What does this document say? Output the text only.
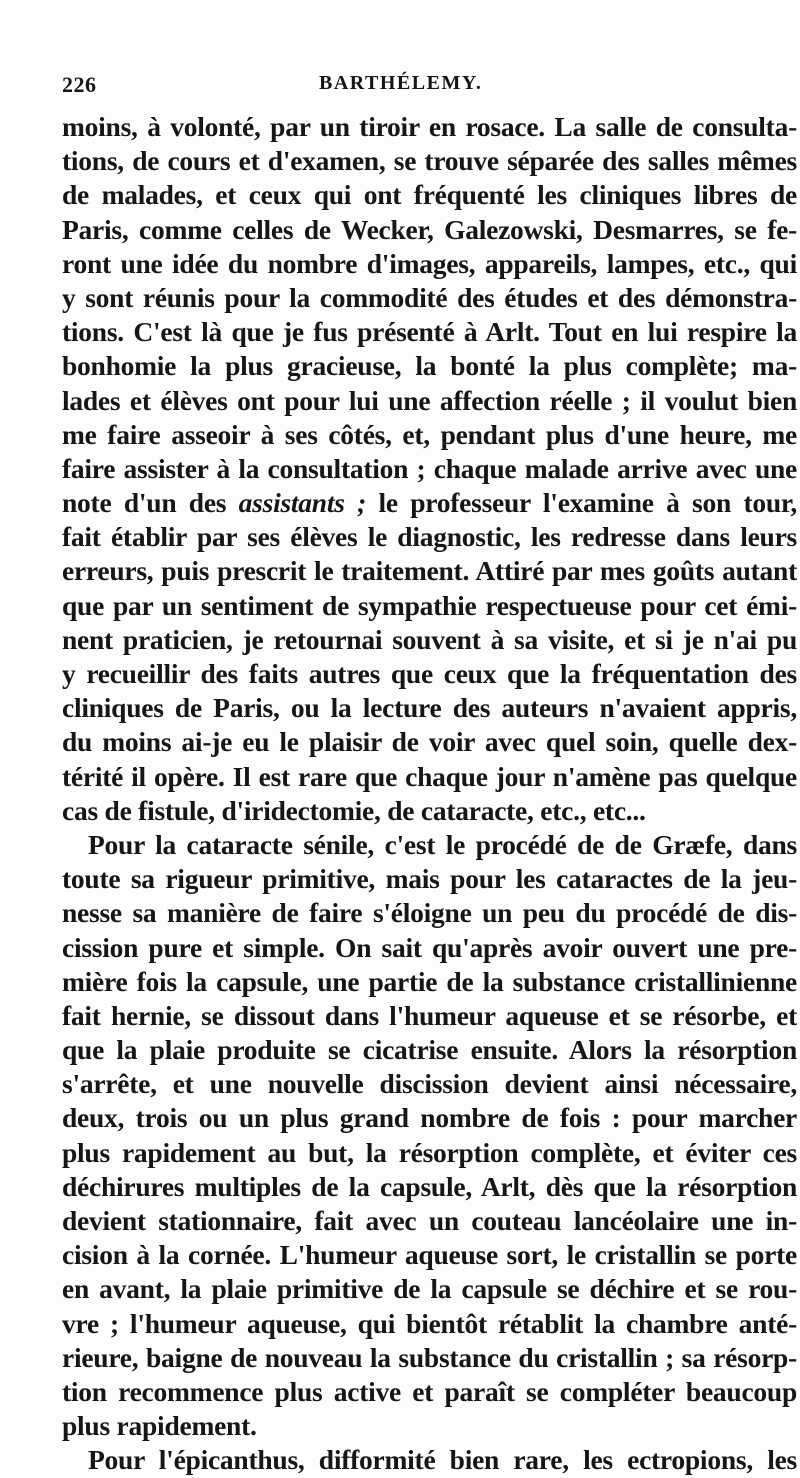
226	BARTHÉLEMY.
moins, à volonté, par un tiroir en rosace. La salle de consulta-
tions, de cours et d'examen, se trouve séparée des salles mêmes
de malades, et ceux qui ont fréquenté les cliniques libres de
Paris, comme celles de Wecker, Galezowski, Desmarres, se fe-
ront une idée du nombre d'images, appareils, lampes, etc., qui
y sont réunis pour la commodité des études et des démonstra-
tions. C'est là que je fus présenté à Arlt. Tout en lui respire la
bonhomie la plus gracieuse, la bonté la plus complète; ma-
lades et élèves ont pour lui une affection réelle ; il voulut bien
me faire asseoir à ses côtés, et, pendant plus d'une heure, me
faire assister à la consultation ; chaque malade arrive avec une
note d'un des assistants ; le professeur l'examine à son tour,
fait établir par ses élèves le diagnostic, les redresse dans leurs
erreurs, puis prescrit le traitement. Attiré par mes goûts autant
que par un sentiment de sympathie respectueuse pour cet émi-
nent praticien, je retournai souvent à sa visite, et si je n'ai pu
y recueillir des faits autres que ceux que la fréquentation des
cliniques de Paris, ou la lecture des auteurs n'avaient appris,
du moins ai-je eu le plaisir de voir avec quel soin, quelle dex-
térité il opère. Il est rare que chaque jour n'amène pas quelque
cas de fistule, d'iridectomie, de cataracte, etc., etc...
Pour la cataracte sénile, c'est le procédé de de Græfe, dans
toute sa rigueur primitive, mais pour les cataractes de la jeu-
nesse sa manière de faire s'éloigne un peu du procédé de dis-
cission pure et simple. On sait qu'après avoir ouvert une pre-
mière fois la capsule, une partie de la substance cristallinienne
fait hernie, se dissout dans l'humeur aqueuse et se résorbe, et
que la plaie produite se cicatrise ensuite. Alors la résorption
s'arrête, et une nouvelle discission devient ainsi nécessaire,
deux, trois ou un plus grand nombre de fois : pour marcher
plus rapidement au but, la résorption complète, et éviter ces
déchirures multiples de la capsule, Arlt, dès que la résorption
devient stationnaire, fait avec un couteau lancéolaire une in-
cision à la cornée. L'humeur aqueuse sort, le cristallin se porte
en avant, la plaie primitive de la capsule se déchire et se rou-
vre ; l'humeur aqueuse, qui bientôt rétablit la chambre anté-
rieure, baigne de nouveau la substance du cristallin ; sa résorp-
tion recommence plus active et paraît se compléter beaucoup
plus rapidement.
Pour l'épicanthus, difformité bien rare, les ectropions, les
